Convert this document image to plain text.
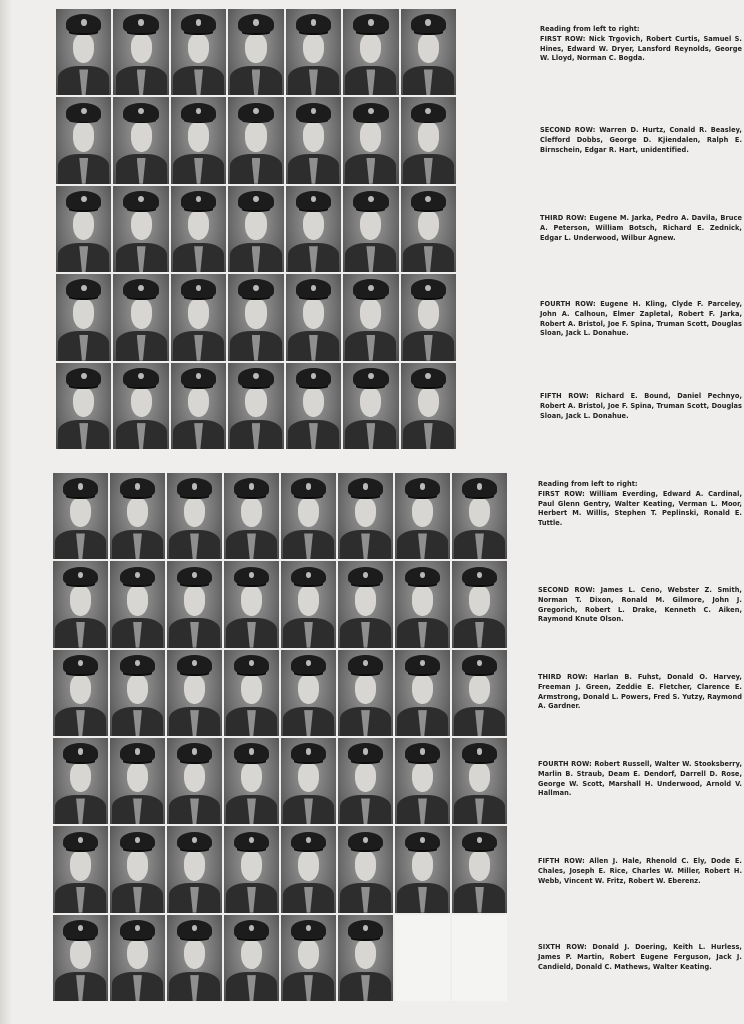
Reading from left to right:
FIRST ROW: Nick Trgovich, Robert Curtis, Samuel S. Hines, Edward W. Dryer, Lansford Reynolds, George W. Lloyd, Norman C. Bogda.
SECOND ROW: Warren D. Hurtz, Conald R. Beasley, Clefford Dobbs, George D. Kjiendalen, Ralph E. Birnschein, Edgar R. Hart, unidentified.
THIRD ROW: Eugene M. Jarka, Pedro A. Davila, Bruce A. Peterson, William Botsch, Richard E. Zednick, Edgar L. Underwood, Wilbur Agnew.
FOURTH ROW: Eugene H. Kling, Clyde F. Parceley, John A. Calhoun, Elmer Zapletal, Robert F. Jarka, Robert A. Bristol, Joe F. Spina, Truman Scott, Douglas Sloan, Jack L. Donahue.
FIFTH ROW: Richard E. Bound, Daniel Pechnyo, Robert A. Bristol, Joe F. Spina, Truman Scott, Douglas Sloan, Jack L. Donahue.
Reading from left to right:
FIRST ROW: William Everding, Edward A. Cardinal, Paul Glenn Gentry, Walter Keating, Verman L. Moor, Herbert M. Willis, Stephen T. Peplinski, Ronald E. Tuttle.
SECOND ROW: James L. Ceno, Webster Z. Smith, Norman T. Dixon, Ronald M. Gilmore, John J. Gregorich, Robert L. Drake, Kenneth C. Aiken, Raymond Knute Olson.
THIRD ROW: Harlan B. Fuhst, Donald O. Harvey, Freeman J. Green, Zeddie E. Fletcher, Clarence E. Armstrong, Donald L. Powers, Fred S. Yutzy, Raymond A. Gardner.
FOURTH ROW: Robert Russell, Walter W. Stooksberry, Marlin B. Straub, Deam E. Dendorf, Darrell D. Rose, George W. Scott, Marshall H. Underwood, Arnold V. Hallman.
FIFTH ROW: Allen J. Hale, Rhenold C. Ely, Dode E. Chales, Joseph E. Rice, Charles W. Miller, Robert H. Webb, Vincent W. Fritz, Robert W. Eberenz.
SIXTH ROW: Donald J. Doering, Keith L. Hurless, James P. Martin, Robert Eugene Ferguson, Jack J. Candield, Donald C. Mathews, Walter Keating.
